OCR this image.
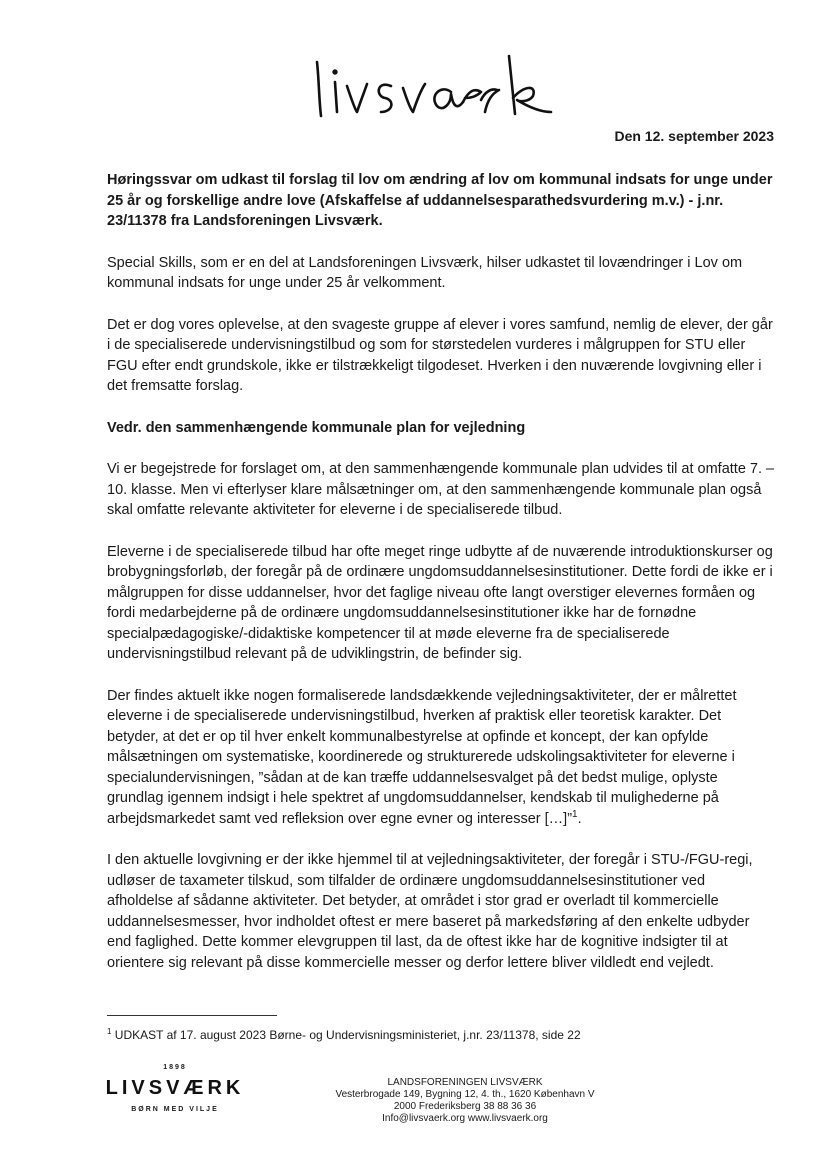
Den 12. september 2023

Høringssvar om udkast til forslag til lov om ændring af lov om kommunal indsats for unge under 25 år og forskellige andre love (Afskaffelse af uddannelsesparathedsvurdering m.v.) - j.nr. 23/11378 fra Landsforeningen Livsværk.

Special Skills, som er en del at Landsforeningen Livsværk, hilser udkastet til lovændringer i Lov om kommunal indsats for unge under 25 år velkomment.

Det er dog vores oplevelse, at den svageste gruppe af elever i vores samfund, nemlig de elever, der går i de specialiserede undervisningstilbud og som for størstedelen vurderes i målgruppen for STU eller FGU efter endt grundskole, ikke er tilstrækkeligt tilgodeset. Hverken i den nuværende lovgivning eller i det fremsatte forslag.

Vedr. den sammenhængende kommunale plan for vejledning

Vi er begejstrede for forslaget om, at den sammenhængende kommunale plan udvides til at omfatte 7. – 10. klasse. Men vi efterlyser klare målsætninger om, at den sammenhængende kommunale plan også skal omfatte relevante aktiviteter for eleverne i de specialiserede tilbud.

Eleverne i de specialiserede tilbud har ofte meget ringe udbytte af de nuværende introduktionskurser og brobygningsforløb, der foregår på de ordinære ungdomsuddannelsesinstitutioner. Dette fordi de ikke er i målgruppen for disse uddannelser, hvor det faglige niveau ofte langt overstiger elevernes formåen og fordi medarbejderne på de ordinære ungdomsuddannelsesinstitutioner ikke har de fornødne specialpædagogiske/-didaktiske kompetencer til at møde eleverne fra de specialiserede undervisningstilbud relevant på de udviklingstrin, de befinder sig.

Der findes aktuelt ikke nogen formaliserede landsdækkende vejledningsaktiviteter, der er målrettet eleverne i de specialiserede undervisningstilbud, hverken af praktisk eller teoretisk karakter. Det betyder, at det er op til hver enkelt kommunalbestyrelse at opfinde et koncept, der kan opfylde målsætningen om systematiske, koordinerede og strukturerede udskolingsaktiviteter for eleverne i specialundervisningen, ”sådan at de kan træffe uddannelsesvalget på det bedst mulige, oplyste grundlag igennem indsigt i hele spektret af ungdomsuddannelser, kendskab til mulighederne på arbejdsmarkedet samt ved refleksion over egne evner og interesser […]”$^1$.

I den aktuelle lovgivning er der ikke hjemmel til at vejledningsaktiviteter, der foregår i STU-/FGU-regi, udløser de taxameter tilskud, som tilfalder de ordinære ungdomsuddannelsesinstitutioner ved afholdelse af sådanne aktiviteter. Det betyder, at området i stor grad er overladt til kommercielle uddannelsesmesser, hvor indholdet oftest er mere baseret på markedsføring af den enkelte udbyder end faglighed. Dette kommer elevgruppen til last, da de oftest ikke har de kognitive indsigter til at orientere sig relevant på disse kommercielle messer og derfor lettere bliver vildledt end vejledt.

$^1$ UDKAST af 17. august 2023 Børne- og Undervisningsministeriet, j.nr. 23/11378, side 22
1898
LIVSVÆRK
BØRN MED VILJE
LANDSFORENINGEN LIVSVÆRK
Vesterbrogade 149, Bygning 12, 4. th., 1620 København V
2000 Frederiksberg 38 88 36 36
Info@livsvaerk.org www.livsvaerk.org
